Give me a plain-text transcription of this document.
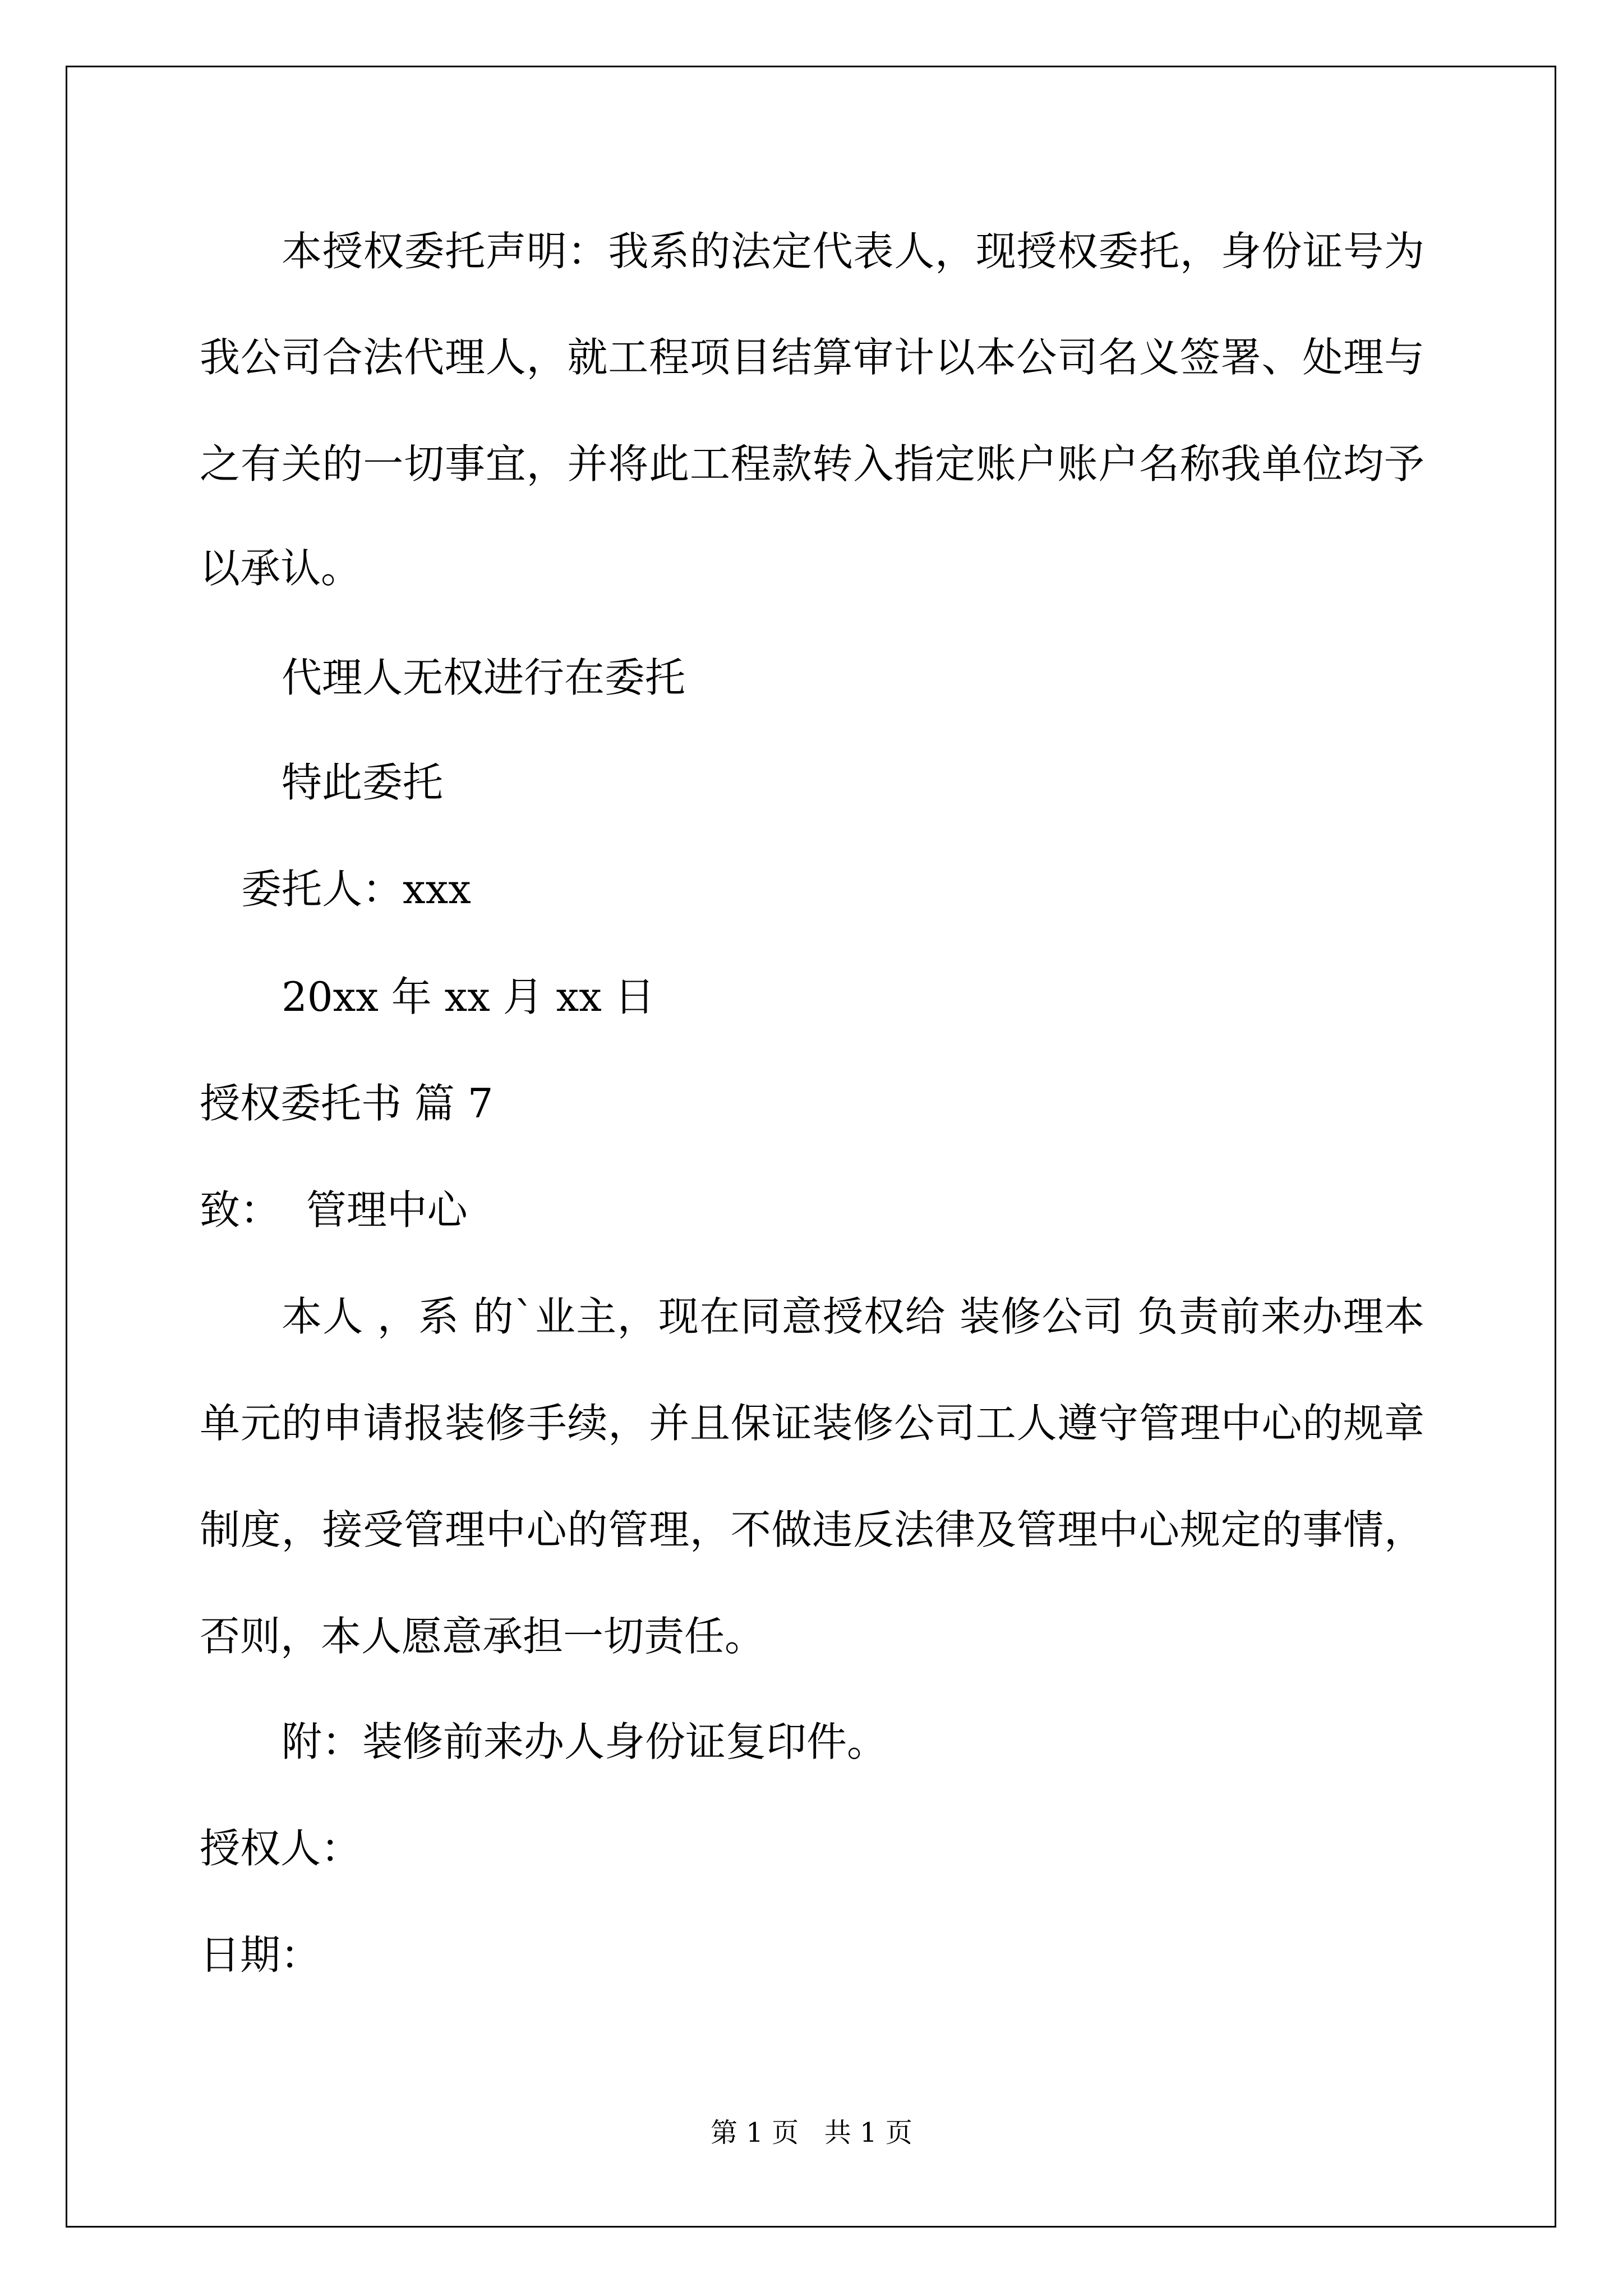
本授权委托声明：我系的法定代表人，现授权委托，身份证号为
我公司合法代理人，就工程项目结算审计以本公司名义签署、处理与
之有关的一切事宜，并将此工程款转入指定账户账户名称我单位均予
以承认。
代理人无权进行在委托
特此委托
委托人：xxx
20xx 年 xx 月 xx 日
授权委托书 篇 7
致：  管理中心
本人 ，系 的`业主，现在同意授权给 装修公司 负责前来办理本
单元的申请报装修手续，并且保证装修公司工人遵守管理中心的规章
制度，接受管理中心的管理，不做违反法律及管理中心规定的事情，
否则，本人愿意承担一切责任。
附：装修前来办人身份证复印件。
授权人：
日期：
第 1 页   共 1 页
